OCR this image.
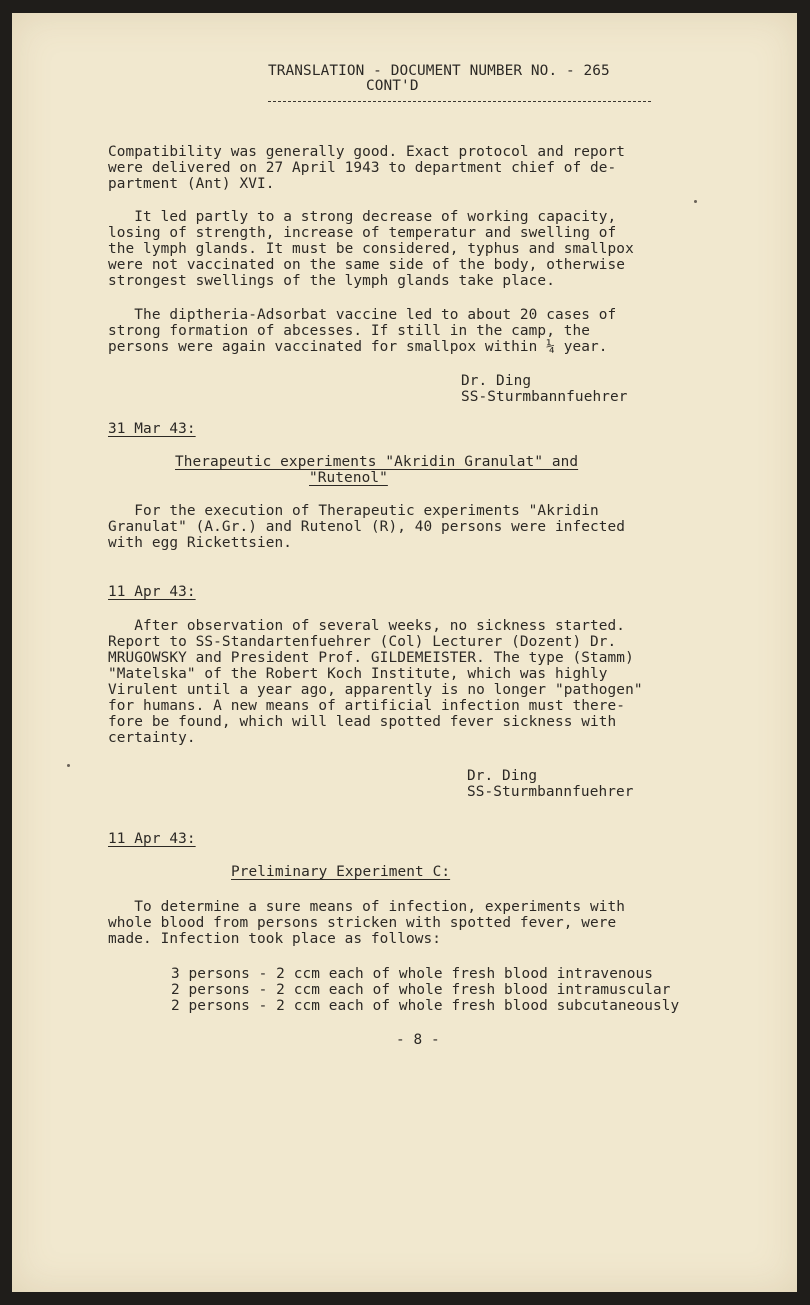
TRANSLATION - DOCUMENT NUMBER NO. - 265
CONT'D
Compatibility was generally good. Exact protocol and report
were delivered on 27 April 1943 to department chief of de-
partment (Ant) XVI.
It led partly to a strong decrease of working capacity,
losing of strength, increase of temperatur and swelling of
the lymph glands. It must be considered, typhus and smallpox
were not vaccinated on the same side of the body, otherwise
strongest swellings of the lymph glands take place.
The diptheria-Adsorbat vaccine led to about 20 cases of
strong formation of abcesses. If still in the camp, the
persons were again vaccinated for smallpox within ¼ year.
Dr. Ding
SS-Sturmbannfuehrer
31 Mar 43:
Therapeutic experiments "Akridin Granulat" and
"Rutenol"
For the execution of Therapeutic experiments "Akridin
Granulat" (A.Gr.) and Rutenol (R), 40 persons were infected
with egg Rickettsien.
11 Apr 43:
After observation of several weeks, no sickness started.
Report to SS-Standartenfuehrer (Col) Lecturer (Dozent) Dr.
MRUGOWSKY and President Prof. GILDEMEISTER. The type (Stamm)
"Matelska" of the Robert Koch Institute, which was highly
Virulent until a year ago, apparently is no longer "pathogen"
for humans. A new means of artificial infection must there-
fore be found, which will lead spotted fever sickness with
certainty.
Dr. Ding
SS-Sturmbannfuehrer
11 Apr 43:
Preliminary Experiment C:
To determine a sure means of infection, experiments with
whole blood from persons stricken with spotted fever, were
made. Infection took place as follows:
3 persons - 2 ccm each of whole fresh blood intravenous
2 persons - 2 ccm each of whole fresh blood intramuscular
2 persons - 2 ccm each of whole fresh blood subcutaneously
- 8 -
